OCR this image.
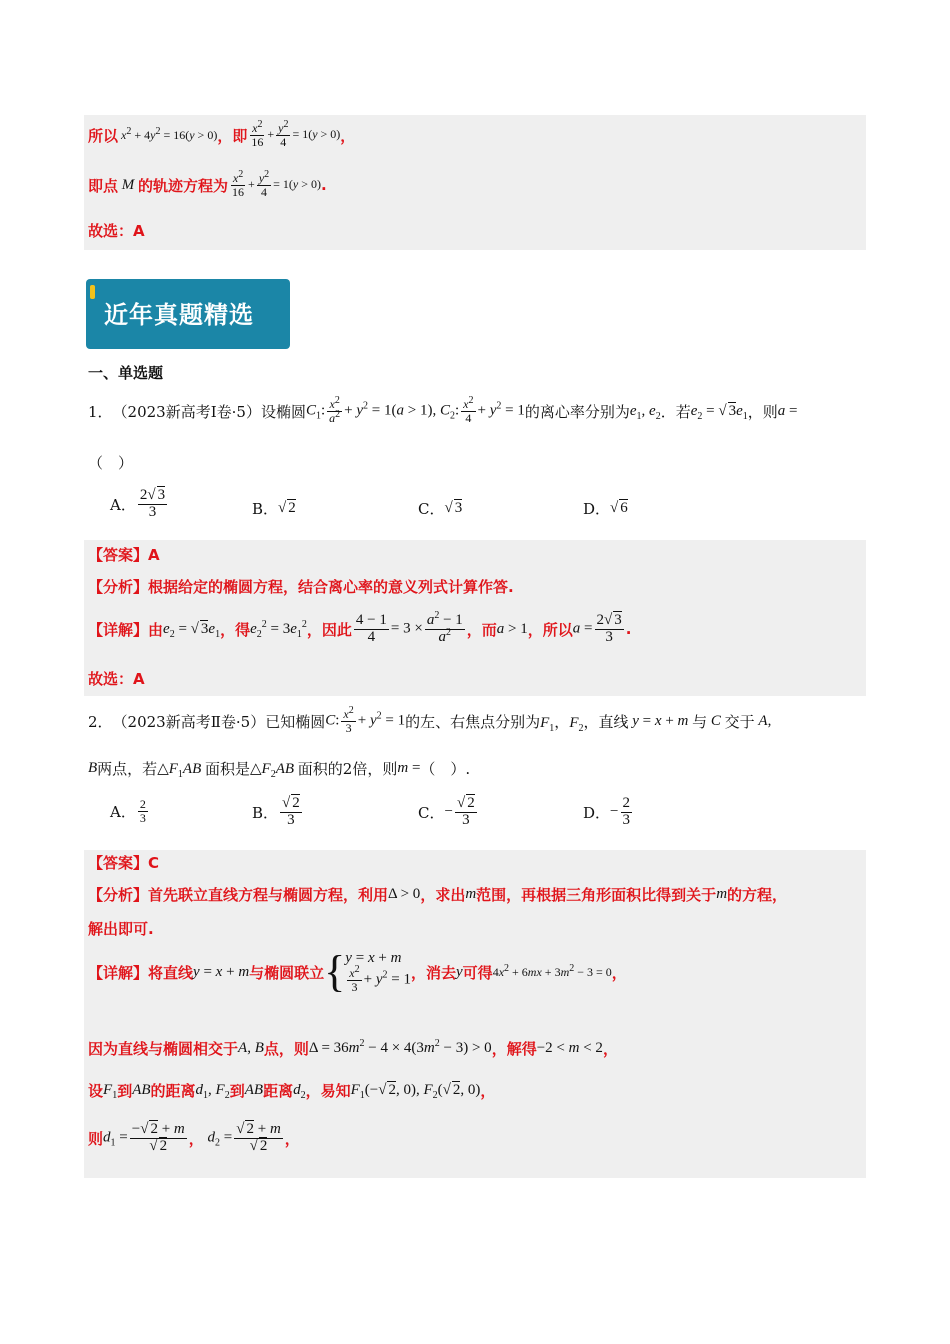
所以 $x^2 + 4y^2 = 16(y > 0)$ ，即 $\frac{x^2}{16} + \frac{y^2}{4} = 1(y > 0)$ ，
即点 M 的轨迹方程为 $\frac{x^2}{16} + \frac{y^2}{4} = 1(y > 0)$ .
故选：A
近年真题精选
一、单选题
1． （2023新高考Ⅰ卷·5）设椭圆 $C_1$: $\frac{x^2}{a^2} + y^2 = 1(a > 1)$, $C_2$: $\frac{x^2}{4} + y^2 = 1$ 的离心率分别为 $e_1$, $e_2$ ．若 $e_2$ = √ $3e_1$ ，则 a =
（　）
A． $\frac{2√ 3}{3}$	B．
√ 2	C．
√ 3	D．
√ 6
【答案】A
【分析】 根据给定的椭圆方程，结合离心率的意义列式计算作答.
【详解】 由 $e_2$ = √ $3e_1$ ，得 $e_2^2 = 3e_1^2$ ，因此 $\frac{4 - 1}{4} = 3 \times \frac{a^2 - 1}{a^2}$ ，而 a > 1 ，所以 $a = \frac{2√ 3}{3}$ .
故选：A
2． （2023新高考Ⅱ卷·5）已知椭圆 C: $\frac{x^2}{3} + y^2 = 1$ 的左、右焦点分别为 $F_1$，$F_2$ ，直线 y = x + m 与 C 交于 A,
B 两点，若 $\triangle F_1AB$ 面积是 $\triangle F_2AB$ 面积的2倍，则 m = （　）.
A． $\frac{2}{3}$	B．
√ $\frac{2}{3}$	C． −
√ $\frac{2}{3}$	D． − $\frac{2}{3}$
【答案】C
【分析】 首先联立直线方程与椭圆方程，利用 Δ > 0 ，求出 m 范围，再根据三角形面积比得到关于 m 的方程，
解出即可.
【详解】 将直线 y = x + m 与椭圆联立 { y = x + m
$\frac{x^2}{3} + y^2 = 1$ ，消去 y 可得 $4x^2 + 6mx + 3m^2 - 3 = 0$ ，
因为直线与椭圆相交于 A, B 点，则 $\Delta = 36m^2 - 4 \times 4(3m^2 - 3) > 0$ ，解得 −2 < m < 2 ，
设 $F_1$ 到 AB 的距离 $d_1$, $F_2$ 到 AB 距离 $d_2$ ，易知 $F_1(-√$ 2, 0), $F_2(√$ 2, 0) ，
则 $d_1$ = −√ 2 + m
√ 2 ， $d_2$ =
√ 2 + m
√ 2 ，
